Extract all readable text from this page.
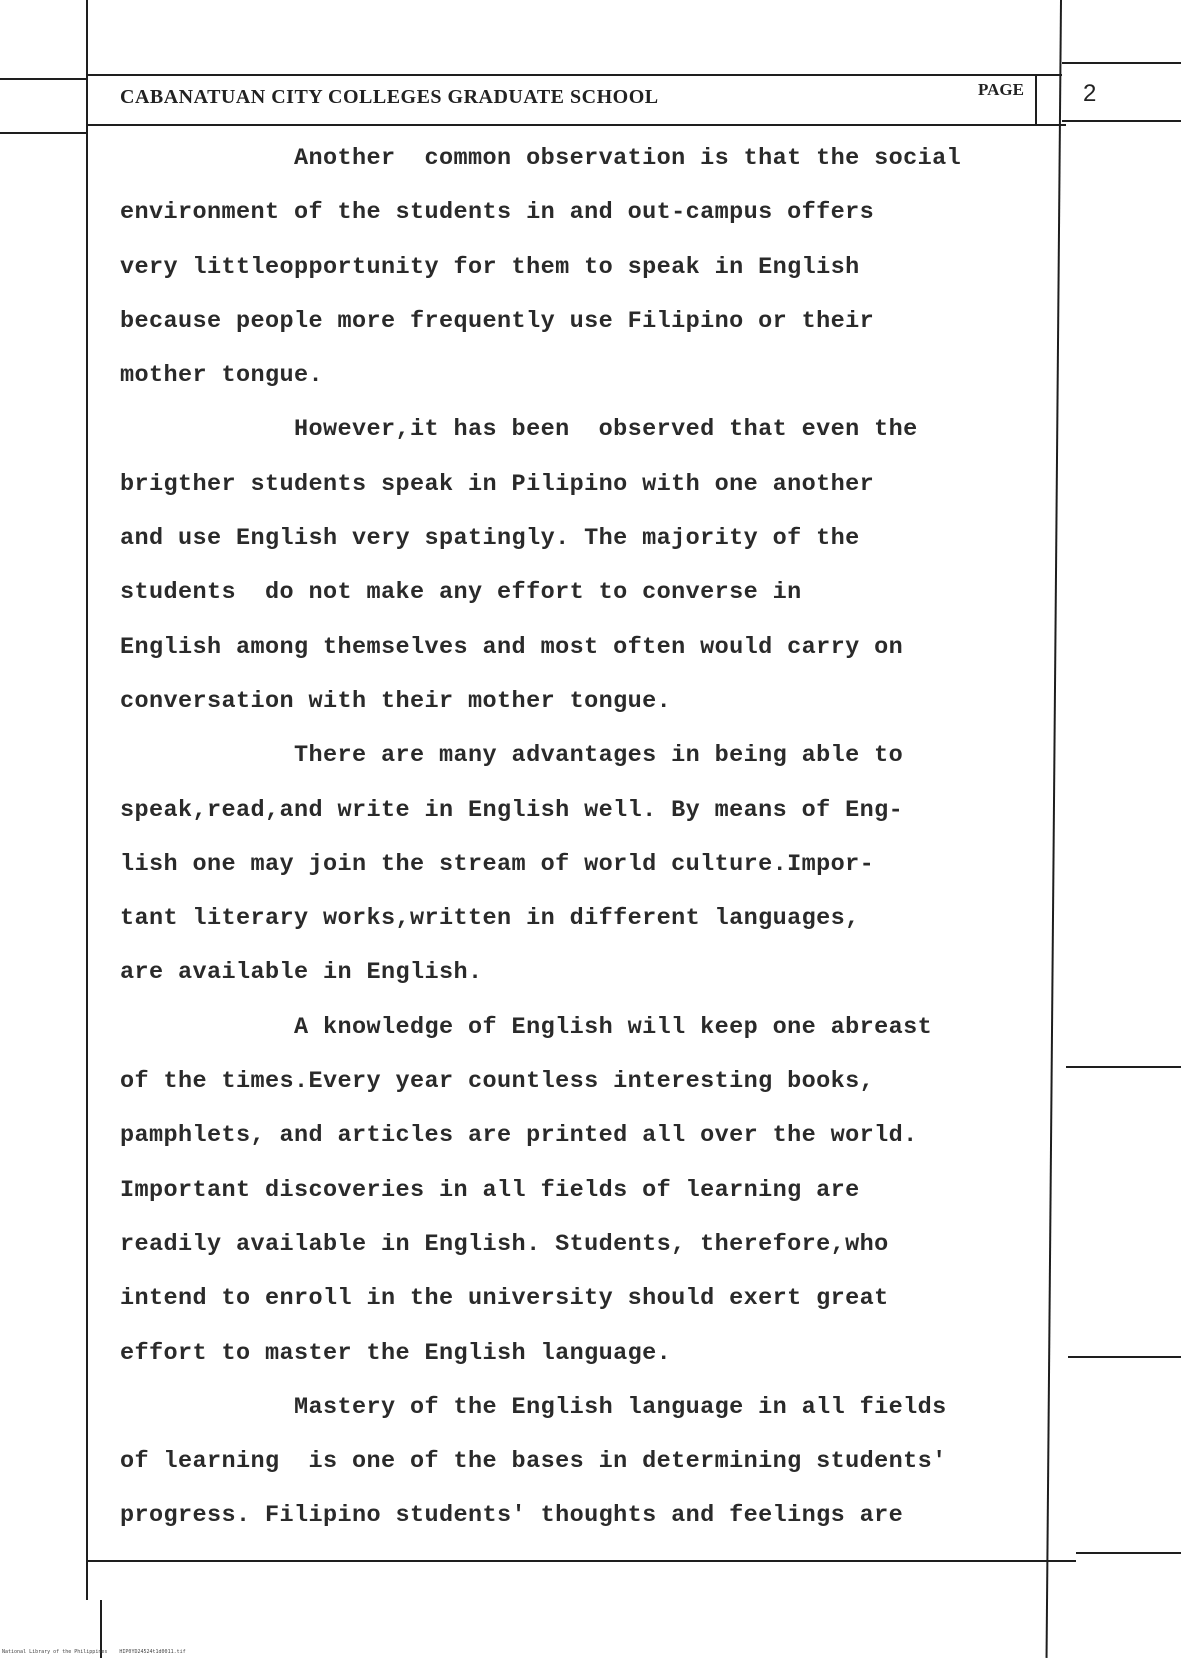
CABANATUAN CITY COLLEGES GRADUATE SCHOOL	PAGE 2
Another  common observation is that the social
environment of the students in and out-campus offers
very littleopportunity for them to speak in English
because people more frequently use Filipino or their
mother tongue.
However,it has been  observed that even the
brigther students speak in Pilipino with one another
and use English very spatingly. The majority of the
students  do not make any effort to converse in
English among themselves and most often would carry on
conversation with their mother tongue.
There are many advantages in being able to
speak,read,and write in English well. By means of Eng-
lish one may join the stream of world culture.Impor-
tant literary works,written in different languages,
are available in English.
A knowledge of English will keep one abreast
of the times.Every year countless interesting books,
pamphlets, and articles are printed all over the world.
Important discoveries in all fields of learning are
readily available in English. Students, therefore,who
intend to enroll in the university should exert great
effort to master the English language.
Mastery of the English language in all fields
of learning  is one of the bases in determining students'
progress. Filipino students' thoughts and feelings are
National Library of the Philippines    HIP0YD24524t1d0011.tif
